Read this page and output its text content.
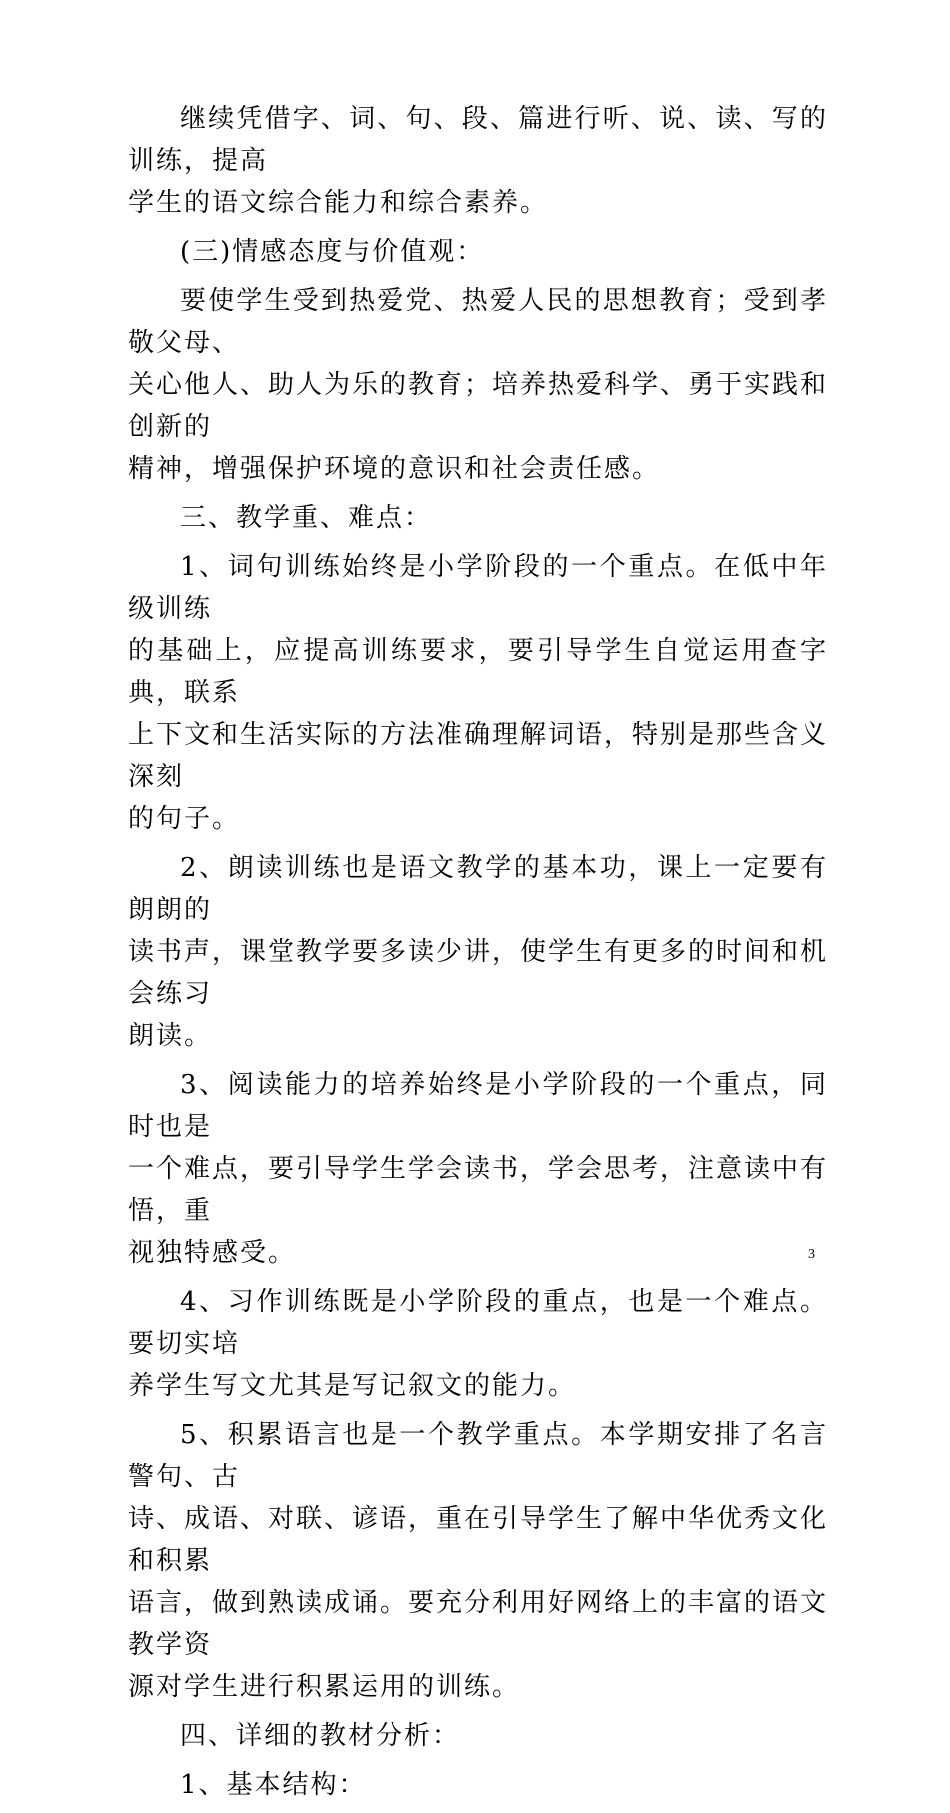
继续凭借字、词、句、段、篇进行听、说、读、写的训练，提高
学生的语文综合能力和综合素养。

(三)情感态度与价值观：

要使学生受到热爱党、热爱人民的思想教育；受到孝敬父母、
关心他人、助人为乐的教育；培养热爱科学、勇于实践和创新的
精神，增强保护环境的意识和社会责任感。

三、教学重、难点：

1、词句训练始终是小学阶段的一个重点。在低中年级训练
的基础上，应提高训练要求，要引导学生自觉运用查字典，联系
上下文和生活实际的方法准确理解词语，特别是那些含义深刻
的句子。

2、朗读训练也是语文教学的基本功，课上一定要有朗朗的
读书声，课堂教学要多读少讲，使学生有更多的时间和机会练习
朗读。

3、阅读能力的培养始终是小学阶段的一个重点，同时也是
一个难点，要引导学生学会读书，学会思考，注意读中有悟，重
视独特感受。

4、习作训练既是小学阶段的重点，也是一个难点。要切实培
养学生写文尤其是写记叙文的能力。

5、积累语言也是一个教学重点。本学期安排了名言警句、古
诗、成语、对联、谚语，重在引导学生了解中华优秀文化和积累
语言，做到熟读成诵。要充分利用好网络上的丰富的语文教学资
源对学生进行积累运用的训练。

四、详细的教材分析：

1、基本结构：

3
